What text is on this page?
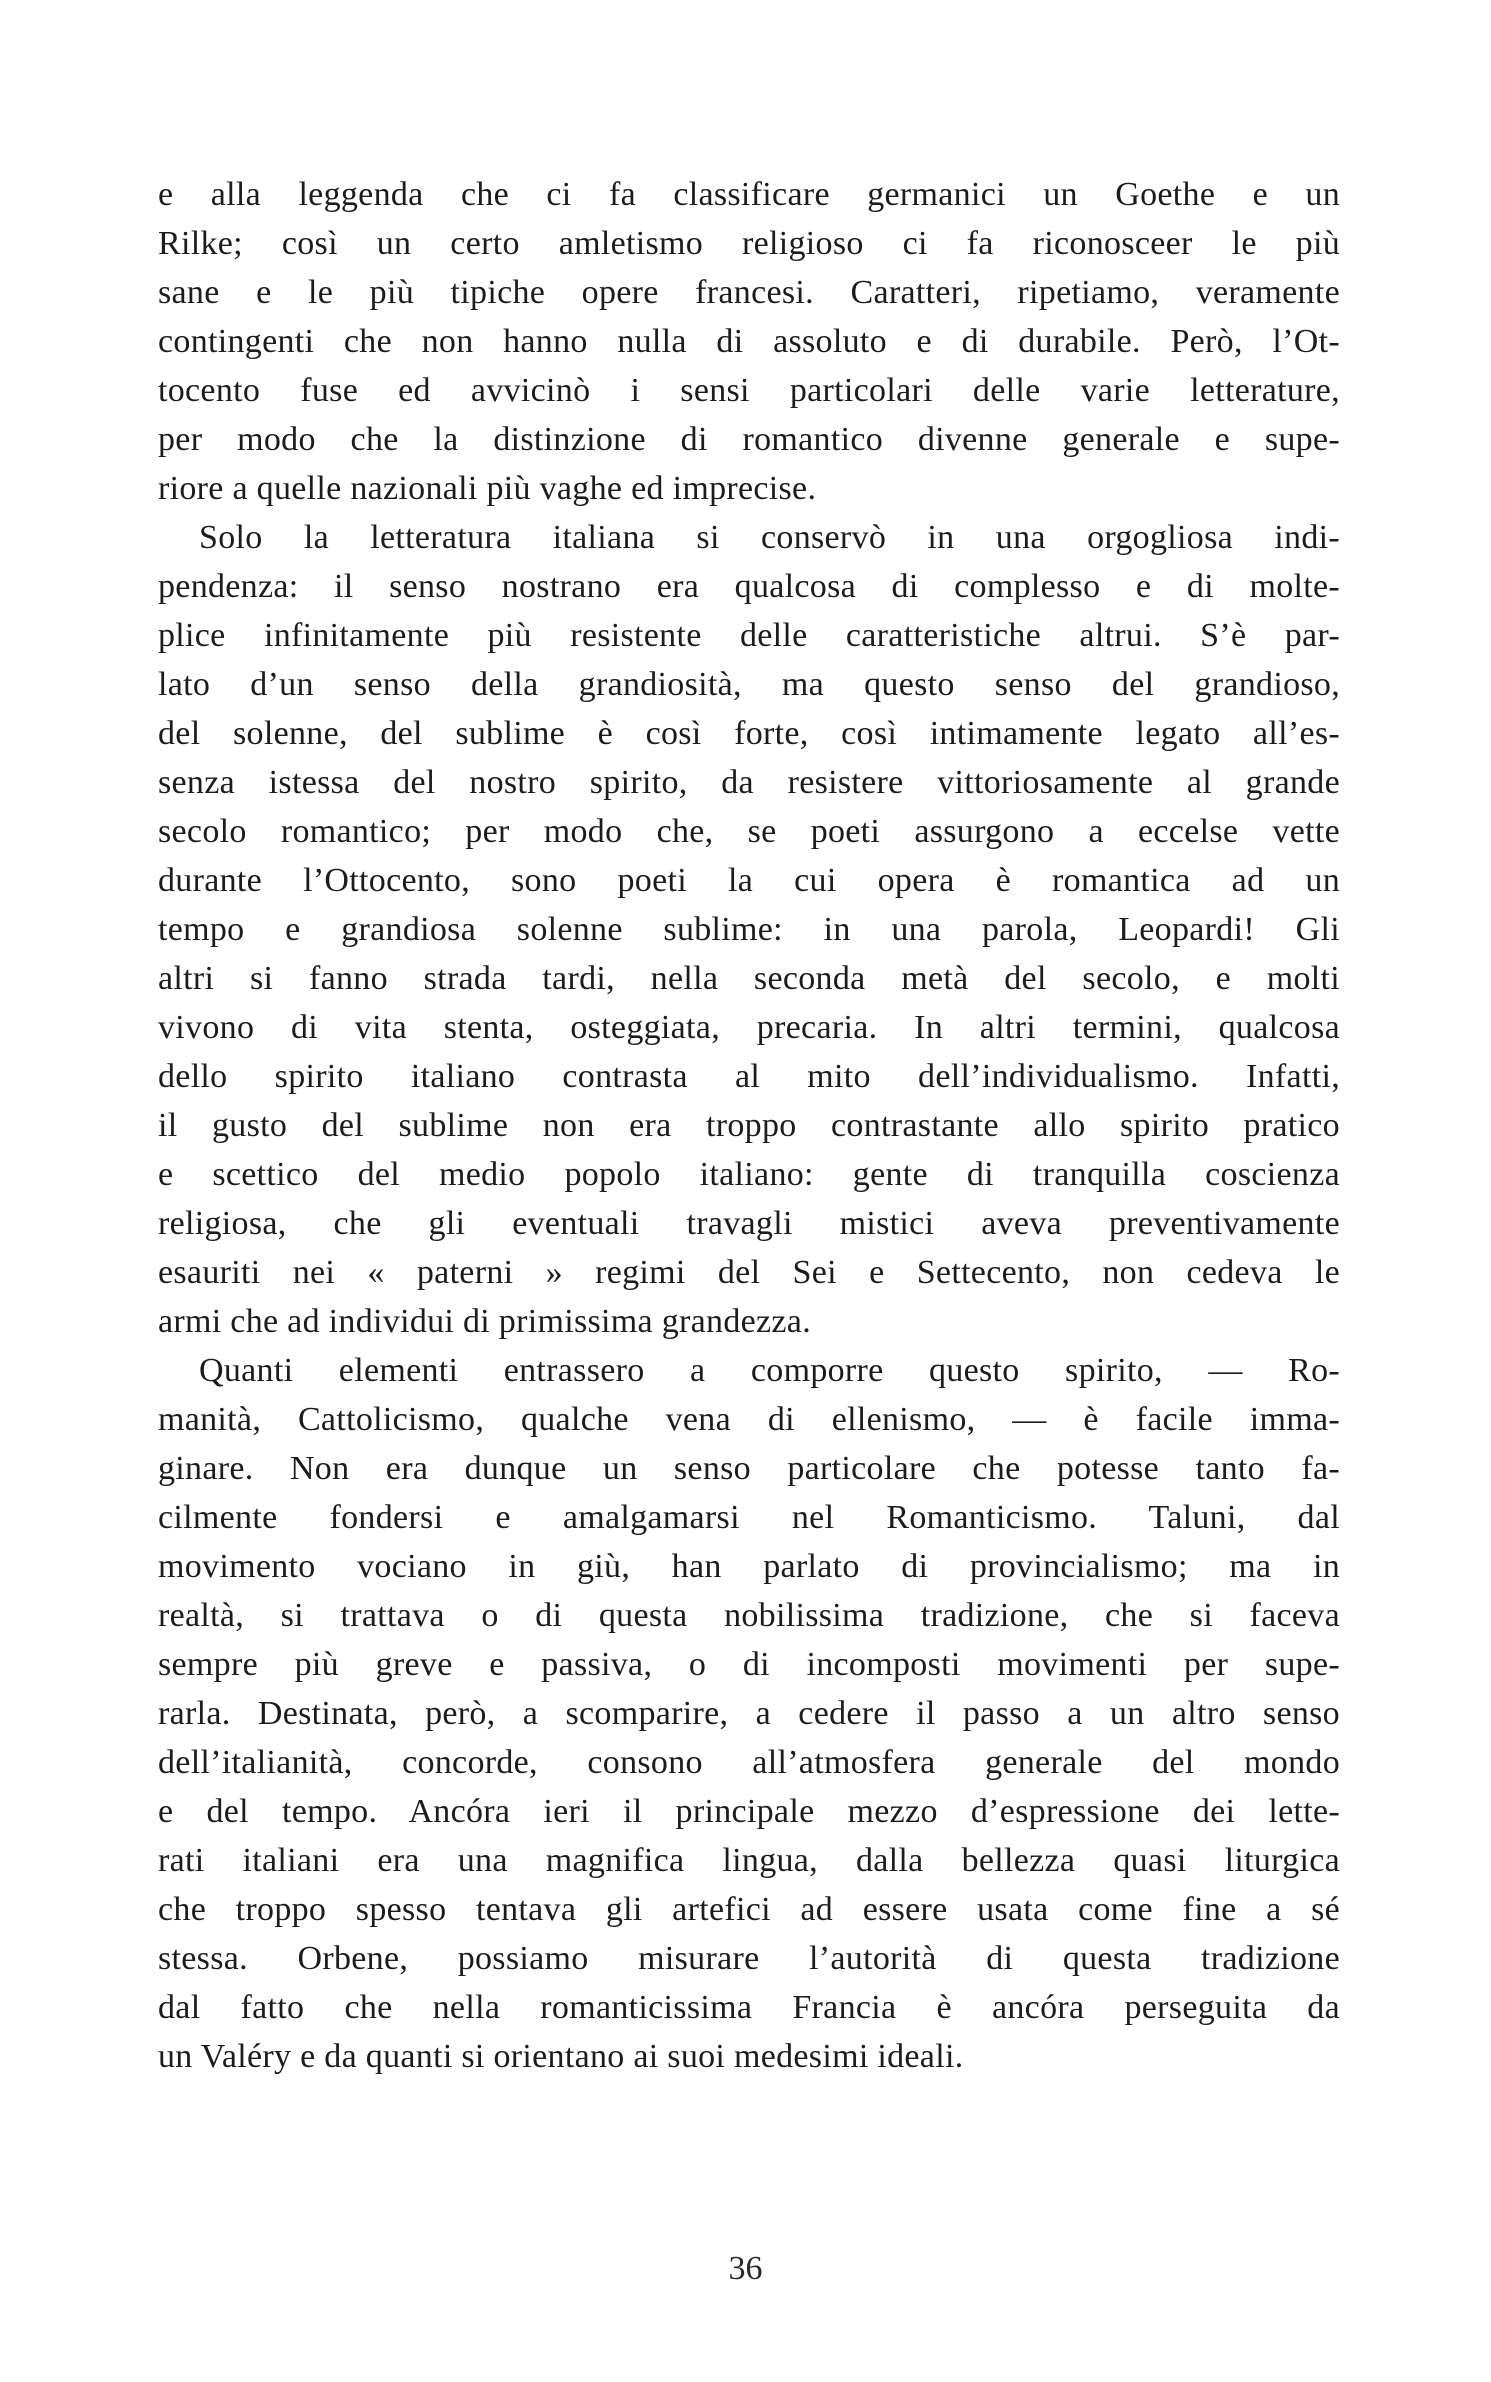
e alla leggenda che ci fa classificare germanici un Goethe e un
Rilke; così un certo amletismo religioso ci fa riconosceer le più
sane e le più tipiche opere francesi. Caratteri, ripetiamo, veramente
contingenti che non hanno nulla di assoluto e di durabile. Però, l’Ot-
tocento fuse ed avvicinò i sensi particolari delle varie letterature,
per modo che la distinzione di romantico divenne generale e supe-
riore a quelle nazionali più vaghe ed imprecise.
Solo la letteratura italiana si conservò in una orgogliosa indi-
pendenza: il senso nostrano era qualcosa di complesso e di molte-
plice infinitamente più resistente delle caratteristiche altrui. S’è par-
lato d’un senso della grandiosità, ma questo senso del grandioso,
del solenne, del sublime è così forte, così intimamente legato all’es-
senza istessa del nostro spirito, da resistere vittoriosamente al grande
secolo romantico; per modo che, se poeti assurgono a eccelse vette
durante l’Ottocento, sono poeti la cui opera è romantica ad un
tempo e grandiosa solenne sublime: in una parola, Leopardi! Gli
altri si fanno strada tardi, nella seconda metà del secolo, e molti
vivono di vita stenta, osteggiata, precaria. In altri termini, qualcosa
dello spirito italiano contrasta al mito dell’individualismo. Infatti,
il gusto del sublime non era troppo contrastante allo spirito pratico
e scettico del medio popolo italiano: gente di tranquilla coscienza
religiosa, che gli eventuali travagli mistici aveva preventivamente
esauriti nei « paterni » regimi del Sei e Settecento, non cedeva le
armi che ad individui di primissima grandezza.
Quanti elementi entrassero a comporre questo spirito, — Ro-
manità, Cattolicismo, qualche vena di ellenismo, — è facile imma-
ginare. Non era dunque un senso particolare che potesse tanto fa-
cilmente fondersi e amalgamarsi nel Romanticismo. Taluni, dal
movimento vociano in giù, han parlato di provincialismo; ma in
realtà, si trattava o di questa nobilissima tradizione, che si faceva
sempre più greve e passiva, o di incomposti movimenti per supe-
rarla. Destinata, però, a scomparire, a cedere il passo a un altro senso
dell’italianità, concorde, consono all’atmosfera generale del mondo
e del tempo. Ancóra ieri il principale mezzo d’espressione dei lette-
rati italiani era una magnifica lingua, dalla bellezza quasi liturgica
che troppo spesso tentava gli artefici ad essere usata come fine a sé
stessa. Orbene, possiamo misurare l’autorità di questa tradizione
dal fatto che nella romanticissima Francia è ancóra perseguita da
un Valéry e da quanti si orientano ai suoi medesimi ideali.
36
